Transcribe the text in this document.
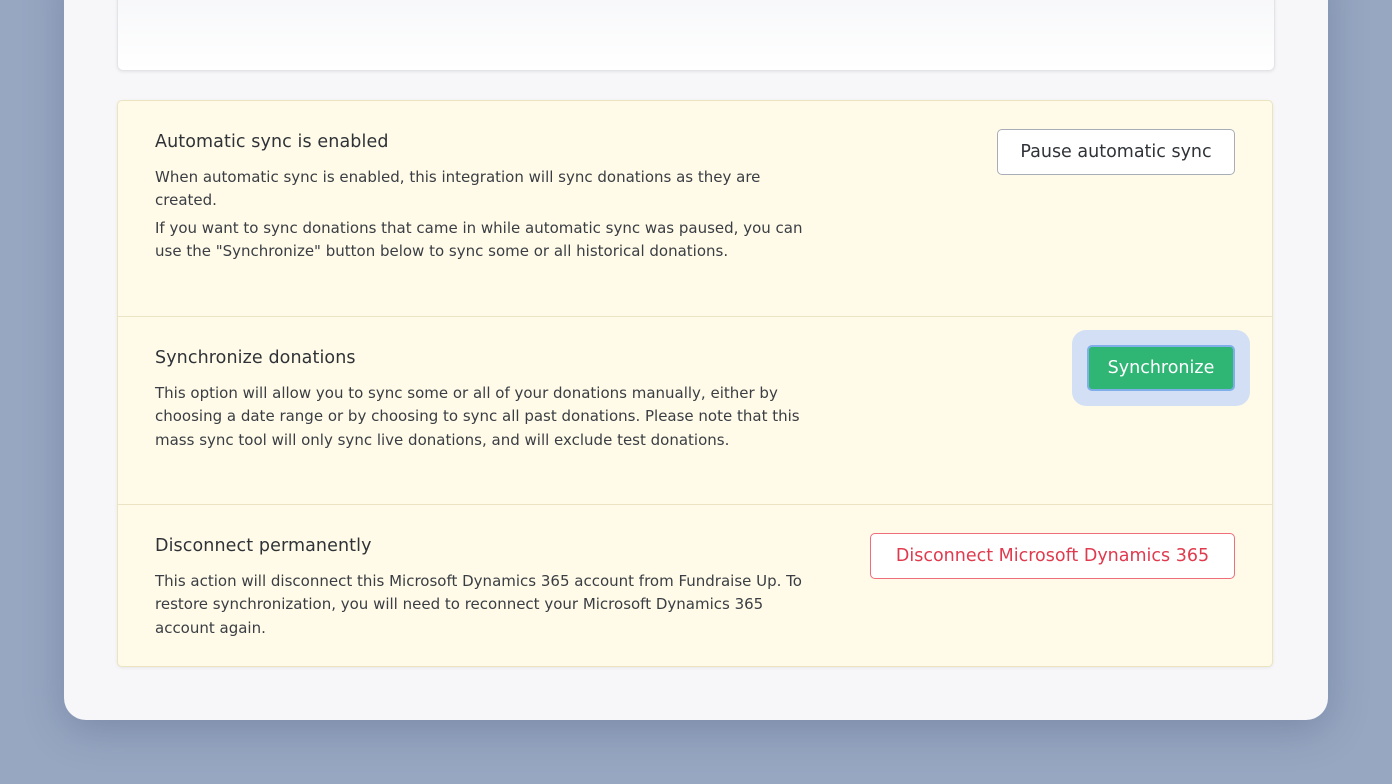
Automatic sync is enabled

When automatic sync is enabled, this integration will sync donations as they are created.

If you want to sync donations that came in while automatic sync was paused, you can use the "Synchronize" button below to sync some or all historical donations.

Pause automatic sync
Synchronize donations

This option will allow you to sync some or all of your donations manually, either by choosing a date range or by choosing to sync all past donations. Please note that this mass sync tool will only sync live donations, and will exclude test donations.

Synchronize
Disconnect permanently

This action will disconnect this Microsoft Dynamics 365 account from Fundraise Up. To restore synchronization, you will need to reconnect your Microsoft Dynamics 365 account again.

Disconnect Microsoft Dynamics 365
